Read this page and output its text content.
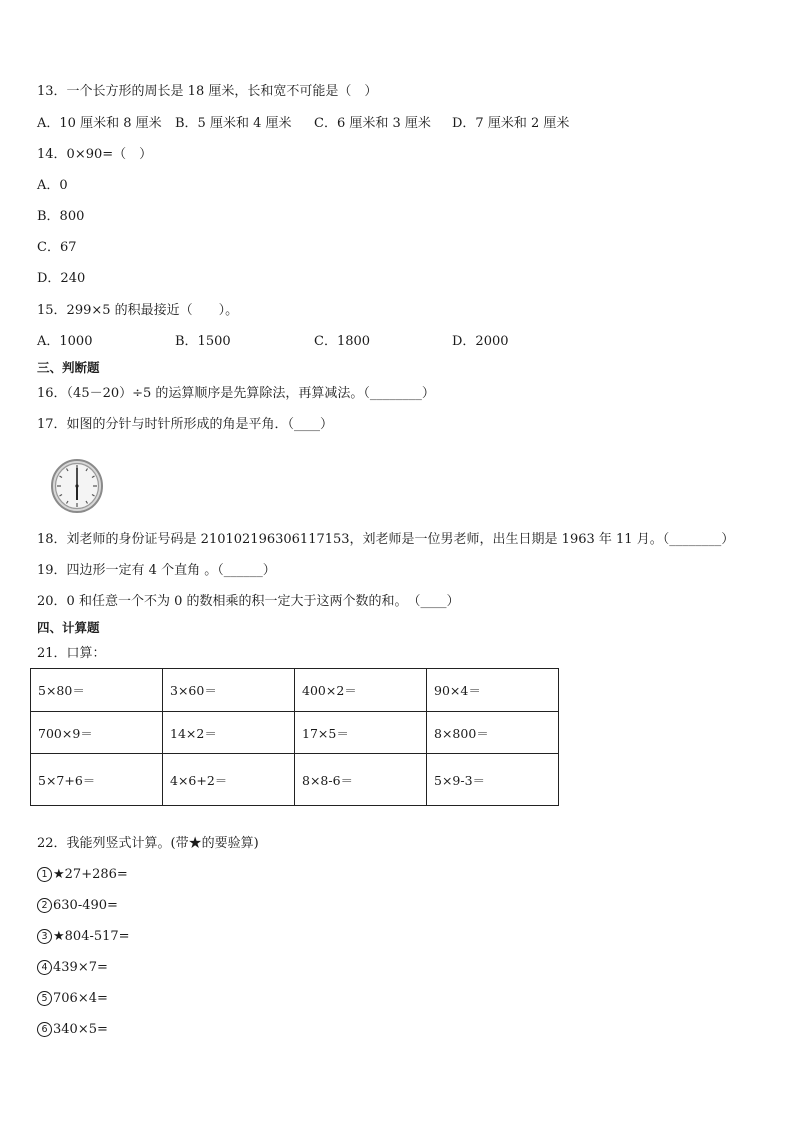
13．一个长方形的周长是 18 厘米，长和宽不可能是（　）
A．10 厘米和 8 厘米 B．5 厘米和 4 厘米 C．6 厘米和 3 厘米 D．7 厘米和 2 厘米
14．0×90=（　）
A．0
B．800
C．67
D．240
15．299×5 的积最接近（　　）。
A．1000	B．1500	C．1800	D．2000
三、判断题
16．（45－20）÷5 的运算顺序是先算除法，再算减法。（________）
17．如图的分针与时针所形成的角是平角．（____）
18．刘老师的身份证号码是 210102196306117153，刘老师是一位男老师，出生日期是 1963 年 11 月。（________）
19．四边形一定有 4 个直角 。（______）
20．0 和任意一个不为 0 的数相乘的积一定大于这两个数的和。　（____）
四、计算题
21．口算：
5×80＝	3×60＝	400×2＝	90×4＝
700×9＝	14×2＝	17×5＝	8×800＝
5×7+6＝	4×6+2＝	8×8-6＝	5×9-3＝
22．我能列竖式计算。(带★的要验算)
1 ★27+286=
2 630-490=
3 ★804-517=
4 439×7=
5 706×4=
6 340×5=
